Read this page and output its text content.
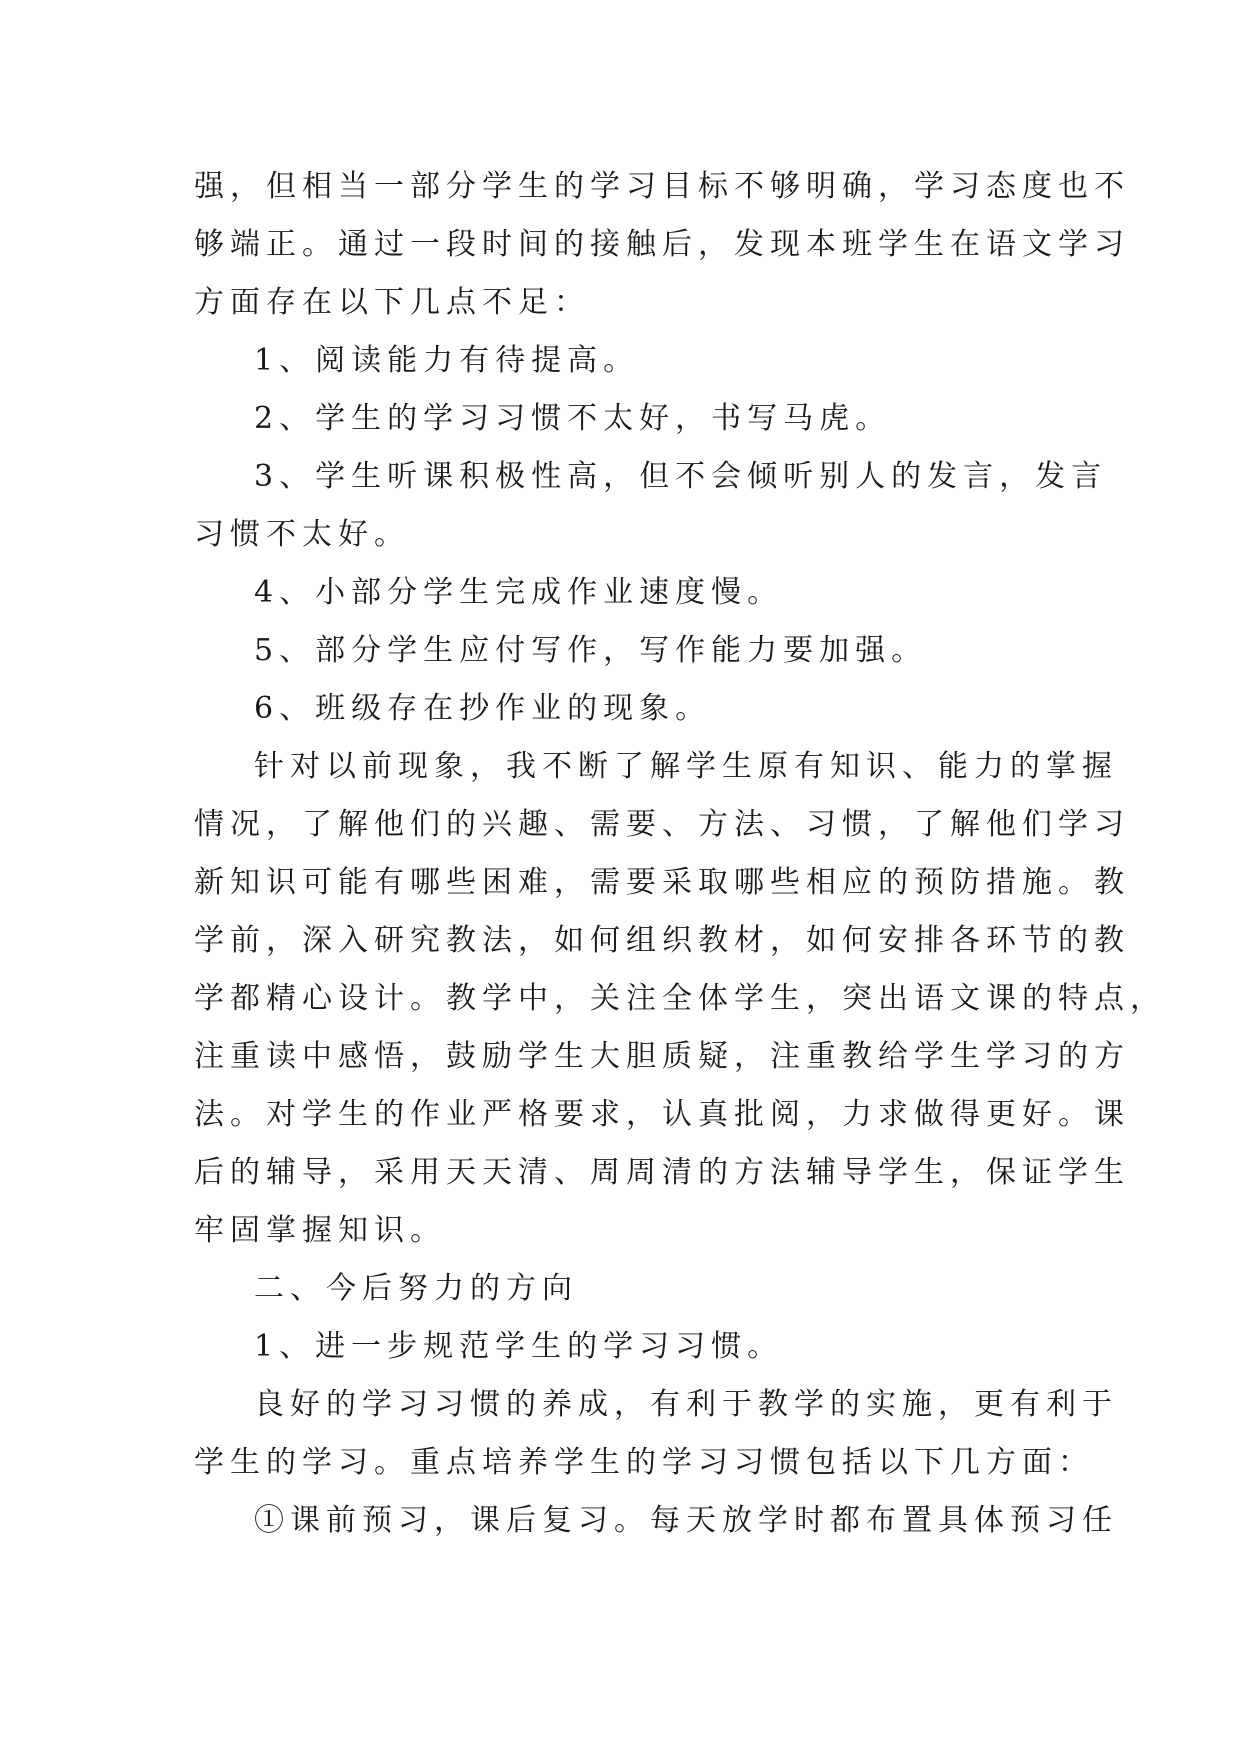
强，但相当一部分学生的学习目标不够明确，学习态度也不
够端正。通过一段时间的接触后，发现本班学生在语文学习
方面存在以下几点不足：
1、阅读能力有待提高。
2、学生的学习习惯不太好，书写马虎。
3、学生听课积极性高，但不会倾听别人的发言，发言
习惯不太好。
4、小部分学生完成作业速度慢。
5、部分学生应付写作，写作能力要加强。
6、班级存在抄作业的现象。
针对以前现象，我不断了解学生原有知识、能力的掌握
情况，了解他们的兴趣、需要、方法、习惯，了解他们学习
新知识可能有哪些困难，需要采取哪些相应的预防措施。教
学前，深入研究教法，如何组织教材，如何安排各环节的教
学都精心设计。教学中，关注全体学生，突出语文课的特点，
注重读中感悟，鼓励学生大胆质疑，注重教给学生学习的方
法。对学生的作业严格要求，认真批阅，力求做得更好。课
后的辅导，采用天天清、周周清的方法辅导学生，保证学生
牢固掌握知识。
二、今后努力的方向
1、进一步规范学生的学习习惯。
良好的学习习惯的养成，有利于教学的实施，更有利于
学生的学习。重点培养学生的学习习惯包括以下几方面：
①课前预习，课后复习。每天放学时都布置具体预习任
